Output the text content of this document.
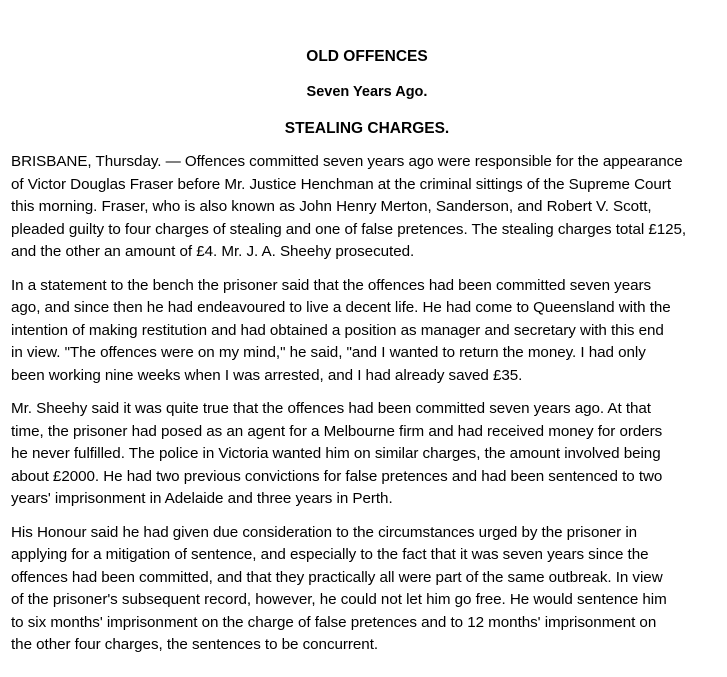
OLD OFFENCES
Seven Years Ago.
STEALING CHARGES.

BRISBANE, Thursday. — Offences committed seven years ago were responsible for the appearance
of Victor Douglas Fraser before Mr. Justice Henchman at the criminal sittings of the Supreme Court
this morning. Fraser, who is also known as John Henry Merton, Sanderson, and Robert V. Scott,
pleaded guilty to four charges of stealing and one of false pretences. The stealing charges total £125,
and the other an amount of £4. Mr. J. A. Sheehy prosecuted.

In a statement to the bench the prisoner said that the offences had been committed seven years
ago, and since then he had endeavoured to live a decent life. He had come to Queensland with the
intention of making restitution and had obtained a position as manager and secretary with this end
in view. "The offences were on my mind," he said, "and I wanted to return the money. I had only
been working nine weeks when I was arrested, and I had already saved £35.

Mr. Sheehy said it was quite true that the offences had been committed seven years ago. At that
time, the prisoner had posed as an agent for a Melbourne firm and had received money for orders
he never fulfilled. The police in Victoria wanted him on similar charges, the amount involved being
about £2000. He had two previous convictions for false pretences and had been sentenced to two
years' imprisonment in Adelaide and three years in Perth.

His Honour said he had given due consideration to the circumstances urged by the prisoner in
applying for a mitigation of sentence, and especially to the fact that it was seven years since the
offences had been committed, and that they practically all were part of the same outbreak. In view
of the prisoner's subsequent record, however, he could not let him go free. He would sentence him
to six months' imprisonment on the charge of false pretences and to 12 months' imprisonment on
the other four charges, the sentences to be concurrent.
